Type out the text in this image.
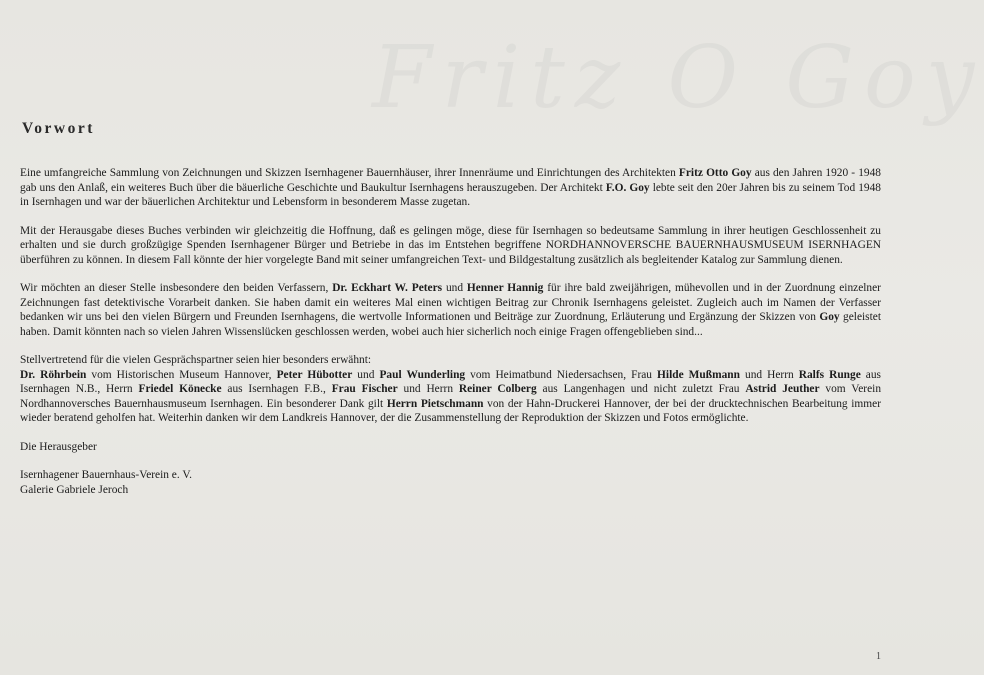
Fritz O Goy
Vorwort

Eine umfangreiche Sammlung von Zeichnungen und Skizzen Isernhagener Bauernhäuser, ihrer Innenräume und Einrichtungen des Architekten Fritz Otto Goy aus den Jahren 1920 - 1948 gab uns den Anlaß, ein weiteres Buch über die bäuerliche Geschichte und Baukultur Isernhagens herauszugeben. Der Architekt F.O. Goy lebte seit den 20er Jahren bis zu seinem Tod 1948 in Isernhagen und war der bäuerlichen Architektur und Lebensform in besonderem Masse zugetan.

Mit der Herausgabe dieses Buches verbinden wir gleichzeitig die Hoffnung, daß es gelingen möge, diese für Isernhagen so bedeutsame Sammlung in ihrer heutigen Geschlossenheit zu erhalten und sie durch großzügige Spenden Isernhagener Bürger und Betriebe in das im Entstehen begriffene NORDHANNOVERSCHE BAUERNHAUSMUSEUM ISERNHAGEN überführen zu können. In diesem Fall könnte der hier vorgelegte Band mit seiner umfangreichen Text- und Bildgestaltung zusätzlich als begleitender Katalog zur Sammlung dienen.

Wir möchten an dieser Stelle insbesondere den beiden Verfassern, Dr. Eckhart W. Peters und Henner Hannig für ihre bald zweijährigen, mühevollen und in der Zuordnung einzelner Zeichnungen fast detektivische Vorarbeit danken. Sie haben damit ein weiteres Mal einen wichtigen Beitrag zur Chronik Isernhagens geleistet. Zugleich auch im Namen der Verfasser bedanken wir uns bei den vielen Bürgern und Freunden Isernhagens, die wertvolle Informationen und Beiträge zur Zuordnung, Erläuterung und Ergänzung der Skizzen von Goy geleistet haben. Damit könnten nach so vielen Jahren Wissenslücken geschlossen werden, wobei auch hier sicherlich noch einige Fragen offengeblieben sind...

Stellvertretend für die vielen Gesprächspartner seien hier besonders erwähnt:
Dr. Röhrbein vom Historischen Museum Hannover, Peter Hübotter und Paul Wunderling vom Heimatbund Niedersachsen, Frau Hilde Mußmann und Herrn Ralfs Runge aus Isernhagen N.B., Herrn Friedel Könecke aus Isernhagen F.B., Frau Fischer und Herrn Reiner Colberg aus Langenhagen und nicht zuletzt Frau Astrid Jeuther vom Verein Nordhannoversches Bauernhausmuseum Isernhagen. Ein besonderer Dank gilt Herrn Pietschmann von der Hahn-Druckerei Hannover, der bei der drucktechnischen Bearbeitung immer wieder beratend geholfen hat. Weiterhin danken wir dem Landkreis Hannover, der die Zusammenstellung der Reproduktion der Skizzen und Fotos ermöglichte.

Die Herausgeber

Isernhagener Bauernhaus-Verein e. V.

Galerie Gabriele Jeroch

1
